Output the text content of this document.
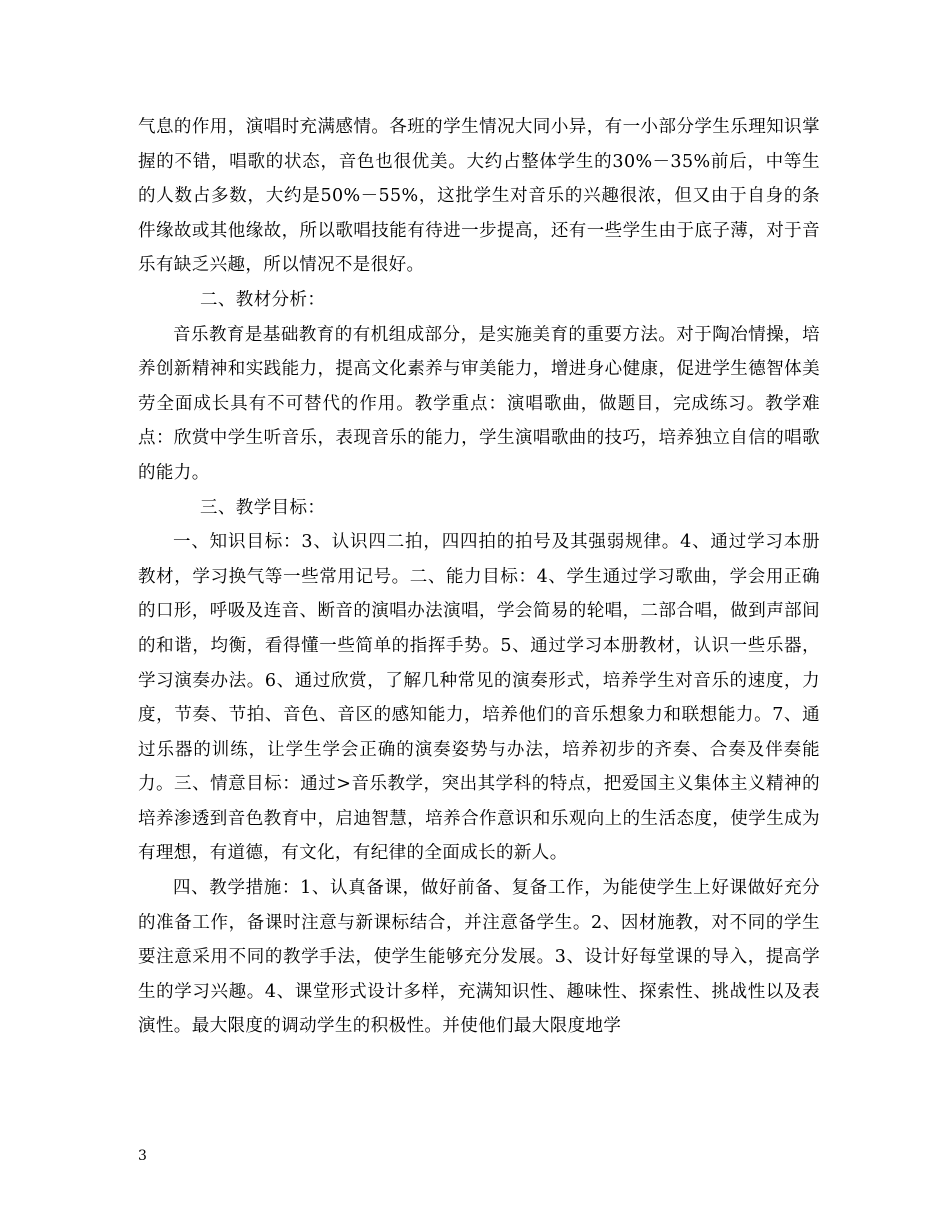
气息的作用，演唱时充满感情。各班的学生情况大同小异，有一小部分学生乐理知识掌握的不错，唱歌的状态，音色也很优美。大约占整体学生的30%－35%前后，中等生的人数占多数，大约是50%－55%，这批学生对音乐的兴趣很浓，但又由于自身的条件缘故或其他缘故，所以歌唱技能有待进一步提高，还有一些学生由于底子薄，对于音乐有缺乏兴趣，所以情况不是很好。

二、教材分析：

音乐教育是基础教育的有机组成部分，是实施美育的重要方法。对于陶冶情操，培养创新精神和实践能力，提高文化素养与审美能力，增进身心健康，促进学生德智体美劳全面成长具有不可替代的作用。教学重点：演唱歌曲，做题目，完成练习。教学难点：欣赏中学生听音乐，表现音乐的能力，学生演唱歌曲的技巧，培养独立自信的唱歌的能力。

三、教学目标：

一、知识目标：3、认识四二拍，四四拍的拍号及其强弱规律。4、通过学习本册教材，学习换气等一些常用记号。二、能力目标：4、学生通过学习歌曲，学会用正确的口形，呼吸及连音、断音的演唱办法演唱，学会简易的轮唱，二部合唱，做到声部间的和谐，均衡，看得懂一些简单的指挥手势。5、通过学习本册教材，认识一些乐器，学习演奏办法。6、通过欣赏，了解几种常见的演奏形式，培养学生对音乐的速度，力度，节奏、节拍、音色、音区的感知能力，培养他们的音乐想象力和联想能力。7、通过乐器的训练，让学生学会正确的演奏姿势与办法，培养初步的齐奏、合奏及伴奏能力。三、情意目标：通过>音乐教学，突出其学科的特点，把爱国主义集体主义精神的培养渗透到音色教育中，启迪智慧，培养合作意识和乐观向上的生活态度，使学生成为有理想，有道德，有文化，有纪律的全面成长的新人。

四、教学措施：1、认真备课，做好前备、复备工作，为能使学生上好课做好充分的准备工作，备课时注意与新课标结合，并注意备学生。2、因材施教，对不同的学生要注意采用不同的教学手法，使学生能够充分发展。3、设计好每堂课的导入，提高学生的学习兴趣。4、课堂形式设计多样，充满知识性、趣味性、探索性、挑战性以及表演性。最大限度的调动学生的积极性。并使他们最大限度地学

3
